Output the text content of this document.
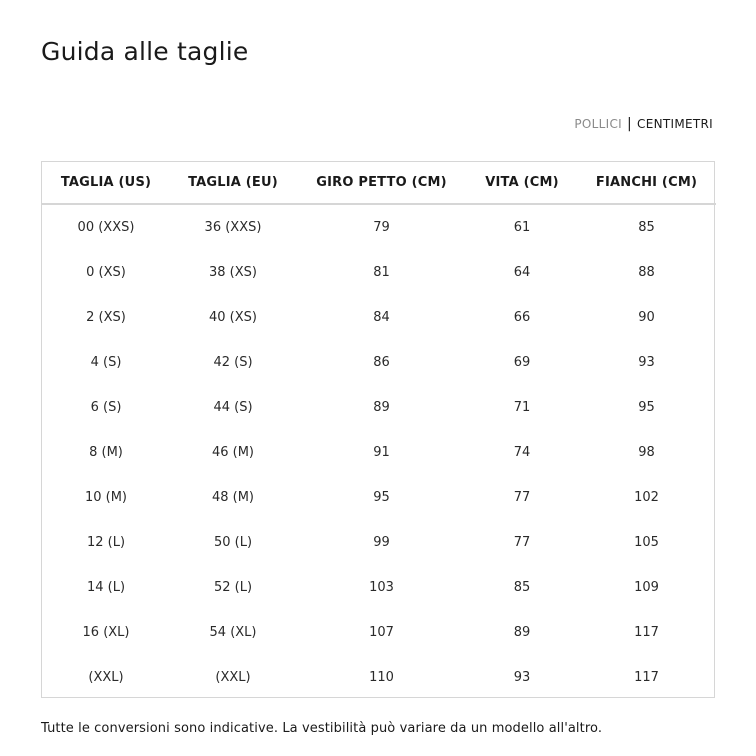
Guida alle taglie
POLLICI | CENTIMETRI
TAGLIA (US)	TAGLIA (EU)	GIRO PETTO (CM)	VITA (CM)	FIANCHI (CM)
00 (XXS)	36 (XXS)	79	61	85
0 (XS)	38 (XS)	81	64	88
2 (XS)	40 (XS)	84	66	90
4 (S)	42 (S)	86	69	93
6 (S)	44 (S)	89	71	95
8 (M)	46 (M)	91	74	98
10 (M)	48 (M)	95	77	102
12 (L)	50 (L)	99	77	105
14 (L)	52 (L)	103	85	109
16 (XL)	54 (XL)	107	89	117
(XXL)	(XXL)	110	93	117
Tutte le conversioni sono indicative. La vestibilità può variare da un modello all'altro.
